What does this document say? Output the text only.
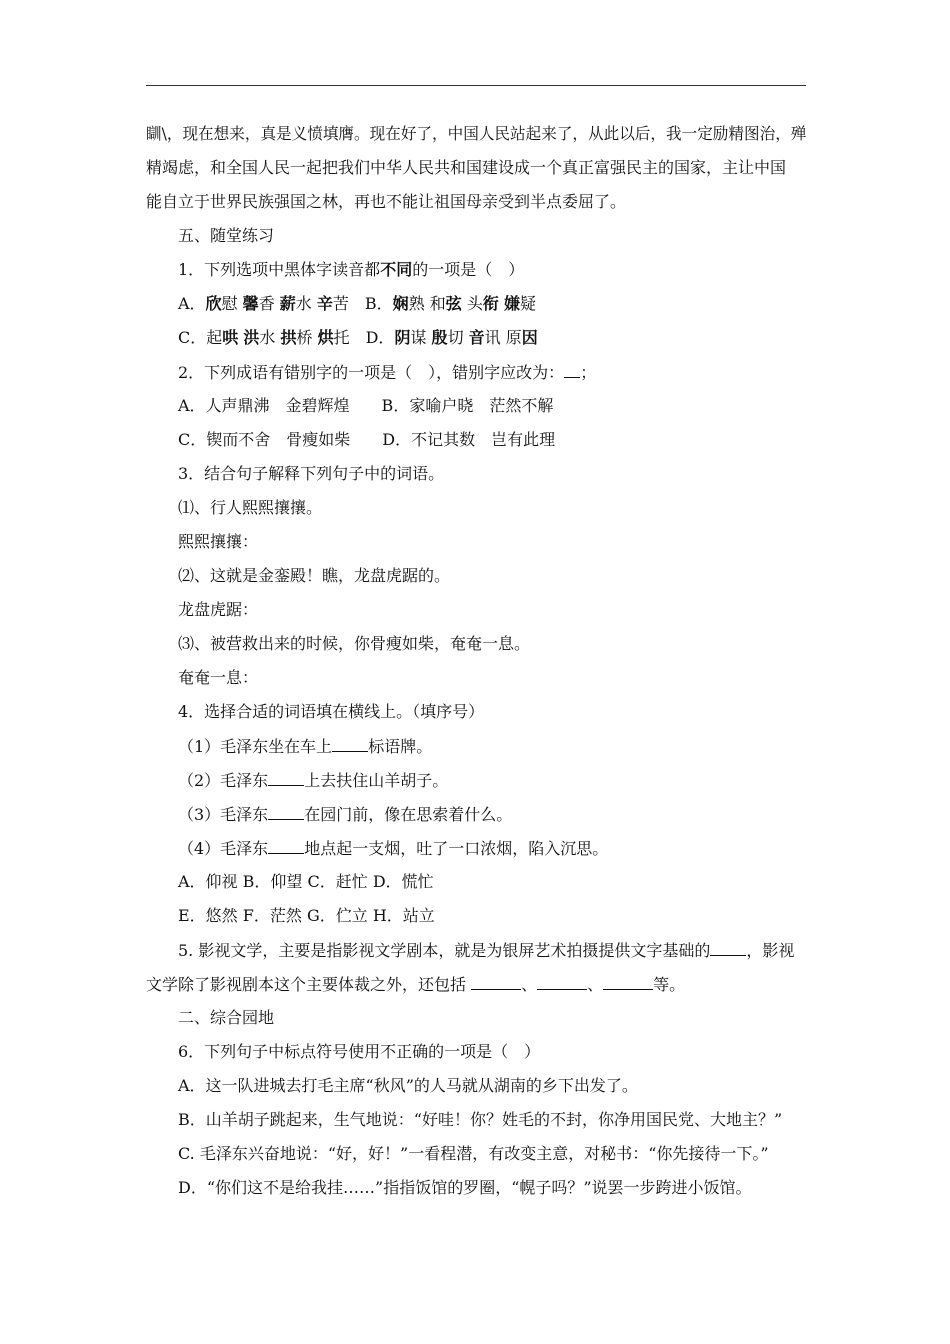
瞓\，现在想来，真是义愤填膺。现在好了，中国人民站起来了，从此以后，我一定励精图治，殚
精竭虑，和全国人民一起把我们中华人民共和国建设成一个真正富强民主的国家，主让中国
能自立于世界民族强国之林，再也不能让祖国母亲受到半点委屈了。
五、随堂练习
1．下列选项中黑体字读音都不同的一项是（　）
A．欣慰 馨香 薪水 辛苦　B．娴熟 和弦 头衔 嫌疑
C．起哄 洪水 拱桥 烘托　D．阴谋 殷切 音讯 原因
2．下列成语有错别字的一项是（　），错别字应改为： ；
A．人声鼎沸　金碧辉煌　　B．家喻户晓　茫然不解
C．锲而不舍　骨瘦如柴　　D．不记其数　岂有此理
3．结合句子解释下列句子中的词语。
⑴、行人熙熙攘攘。
熙熙攘攘：
⑵、这就是金銮殿！瞧，龙盘虎踞的。
龙盘虎踞：
⑶、被营救出来的时候，你骨瘦如柴，奄奄一息。
奄奄一息：
4．选择合适的词语填在横线上。（填序号）
（1）毛泽东坐在车上 标语牌。
（2）毛泽东 上去扶住山羊胡子。
（3）毛泽东 在园门前，像在思索着什么。
（4）毛泽东 地点起一支烟，吐了一口浓烟，陷入沉思。
A．仰视 B．仰望 C．赶忙 D．慌忙
E．悠然 F．茫然 G．伫立 H．站立
5. 影视文学，主要是指影视文学剧本，就是为银屏艺术拍摄提供文字基础的 ，影视
文学除了影视剧本这个主要体裁之外，还包括	、	、	等。
二、综合园地
6．下列句子中标点符号使用不正确的一项是（　）
A．这一队进城去打毛主席“秋风”的人马就从湖南的乡下出发了。
B．山羊胡子跳起来，生气地说：“好哇！你？姓毛的不封，你净用国民党、大地主？”
C. 毛泽东兴奋地说：“好，好！”一看程潜，有改变主意，对秘书：“你先接待一下。”
D．“你们这不是给我挂……”指指饭馆的罗圈，“幌子吗？”说罢一步跨进小饭馆。
